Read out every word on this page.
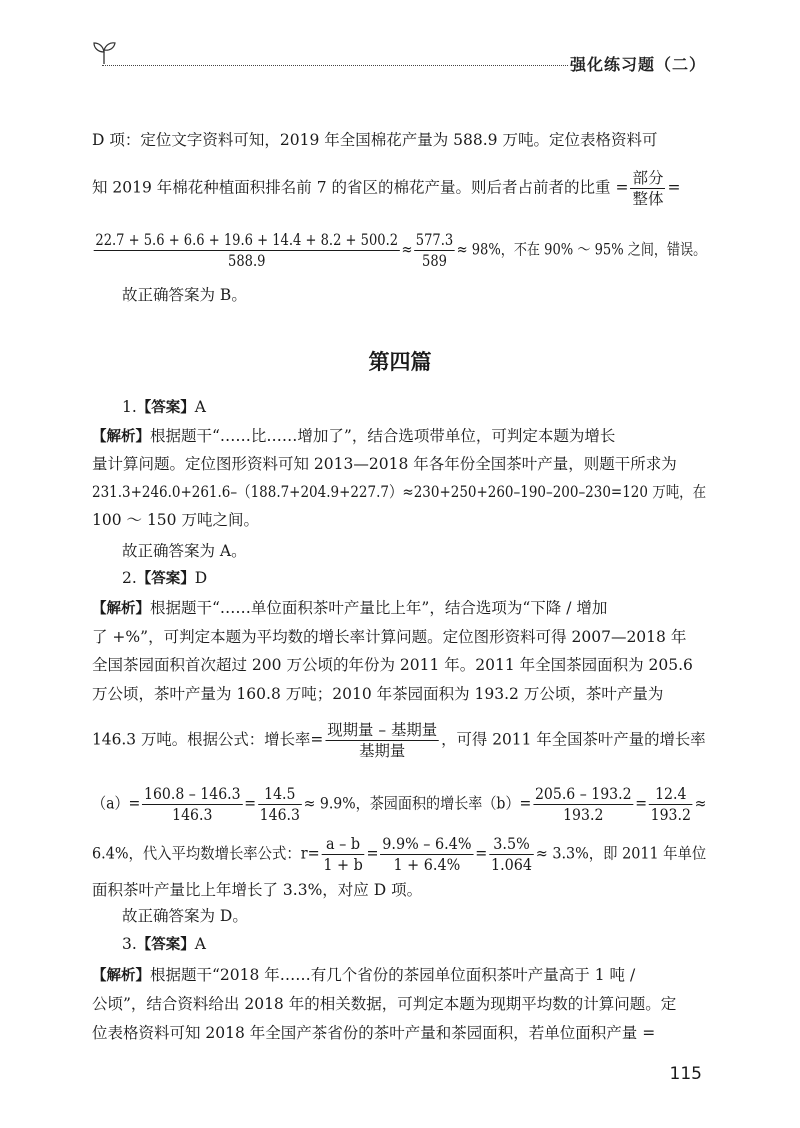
强化练习题（二）
D 项：定位文字资料可知，2019 年全国棉花产量为 588.9 万吨。定位表格资料可
知 2019 年棉花种植面积排名前 7 的省区的棉花产量。则后者占前者的比重 =
部分
整体
=
$\frac{22.7 + 5.6 + 6.6 + 19.6 + 14.4 + 8.2 + 500.2}{588.9} \approx \frac{577.3}{589} \approx 98\%$，不在 90% ～ 95% 之间，错误。
故正确答案为 B。
第四篇
1.【答案】A
【解析】根据题干“……比……增加了”，结合选项带单位，可判定本题为增长
量计算问题。定位图形资料可知 2013—2018 年各年份全国茶叶产量，则题干所求为
231.3+246.0+261.6–（188.7+204.9+227.7）≈230+250+260–190–200–230=120 万吨，在
100 ～ 150 万吨之间。
故正确答案为 A。
2.【答案】D
【解析】根据题干“……单位面积茶叶产量比上年”，结合选项为“下降 / 增加
了 +%”，可判定本题为平均数的增长率计算问题。定位图形资料可得 2007—2018 年
全国茶园面积首次超过 200 万公顷的年份为 2011 年。2011 年全国茶园面积为 205.6
万公顷，茶叶产量为 160.8 万吨；2010 年茶园面积为 193.2 万公顷，茶叶产量为
146.3 万吨。根据公式：增长率=
现期量 – 基期量
基期量
，可得 2011 年全国茶叶产量的增长率
$(a)= \frac{160.8 - 146.3}{146.3} = \frac{14.5}{146.3} \approx 9.9\%$，茶园面积的增长率$(b)= \frac{205.6 - 193.2}{193.2} = \frac{12.4}{193.2}$ ≈
6.4%，代入平均数增长率公式：$r= \frac{a - b}{1 + b} = \frac{9.9\% - 6.4\%}{1 + 6.4\%} = \frac{3.5\%}{1.064} \approx 3.3\%$，即 2011 年单位
面积茶叶产量比上年增长了 3.3%，对应 D 项。
故正确答案为 D。
3.【答案】A
【解析】根据题干“2018 年……有几个省份的茶园单位面积茶叶产量高于 1 吨 /
公顷”，结合资料给出 2018 年的相关数据，可判定本题为现期平均数的计算问题。定
位表格资料可知 2018 年全国产茶省份的茶叶产量和茶园面积，若单位面积产量 =
115
